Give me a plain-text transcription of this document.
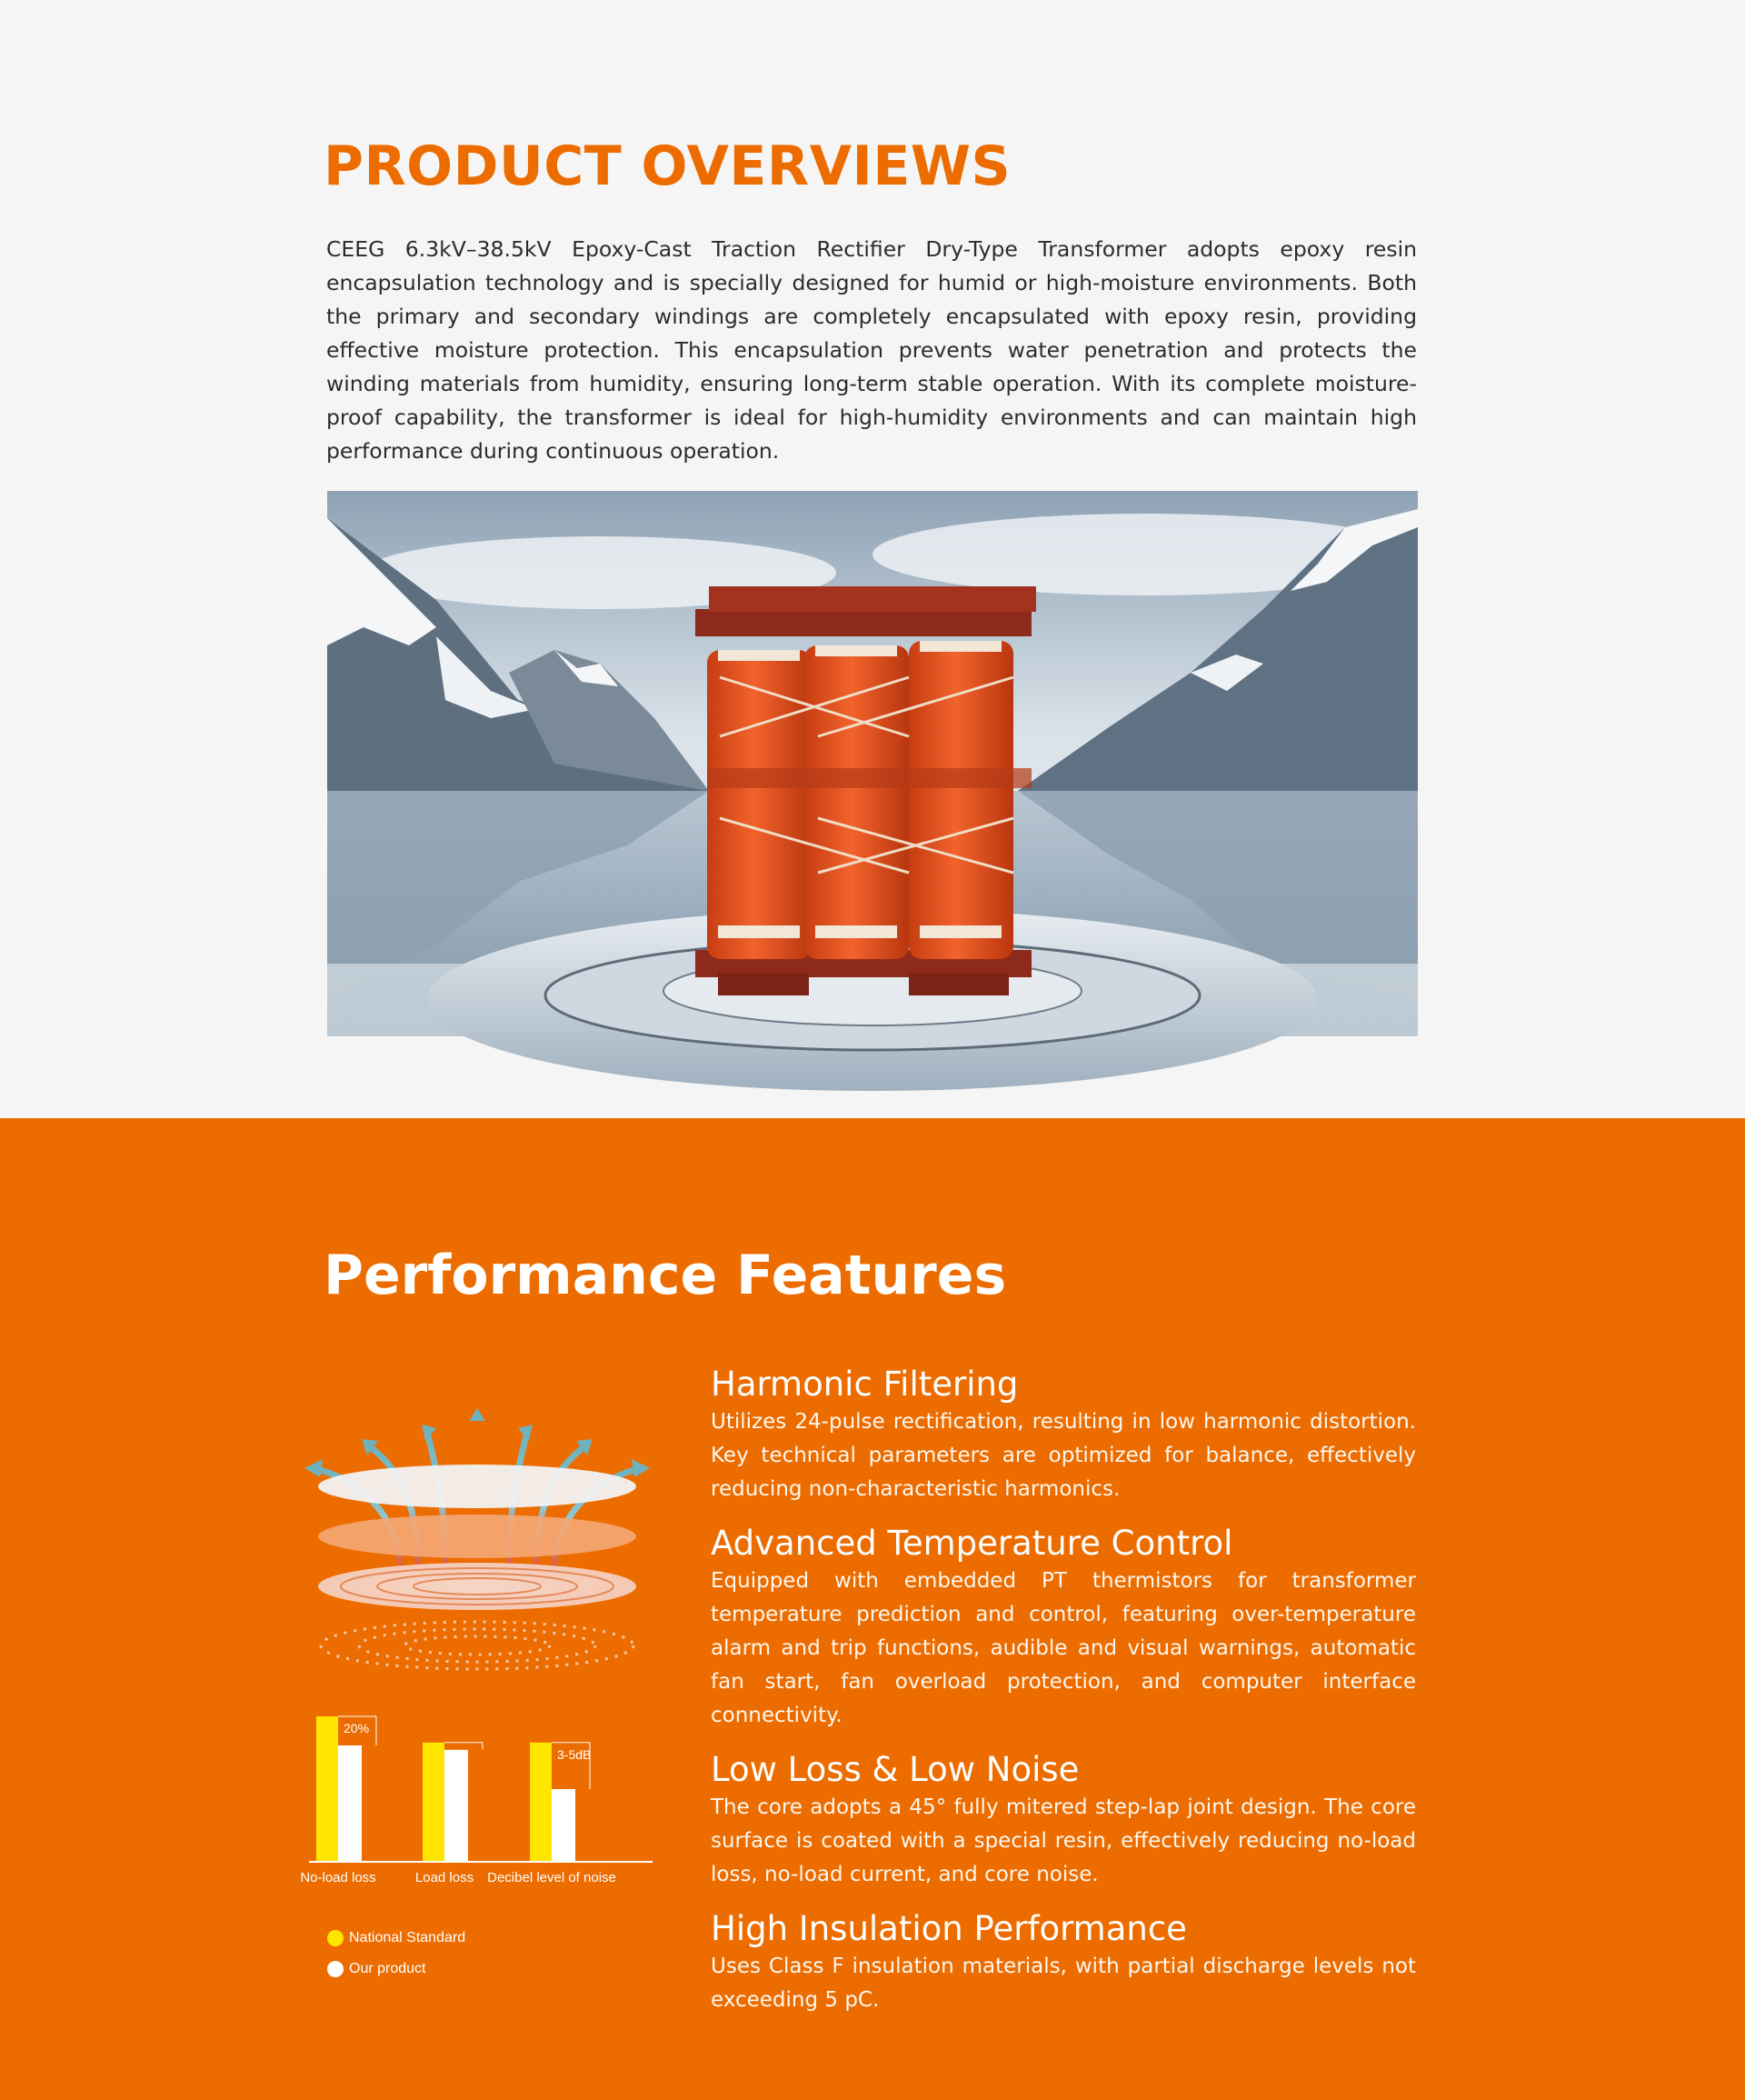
PRODUCT OVERVIEWS

CEEG 6.3kV–38.5kV Epoxy-Cast Traction Rectifier Dry-Type Transformer adopts epoxy resin encapsulation technology and is specially designed for humid or high-moisture environments. Both the primary and secondary windings are completely encapsulated with epoxy resin, providing effective moisture protection. This encapsulation prevents water penetration and protects the winding materials from humidity, ensuring long-term stable operation. With its complete moisture-proof capability, the transformer is ideal for high-humidity environments and can maintain high performance during continuous operation.

Performance Features
20%
No-load loss
5%
Load loss
3-5dB
Decibel level of noise
National Standard
Our product
Harmonic Filtering

Utilizes 24-pulse rectification, resulting in low harmonic distortion. Key technical parameters are optimized for balance, effectively reducing non-characteristic harmonics.

Advanced Temperature Control

Equipped with embedded PT thermistors for transformer temperature prediction and control, featuring over-temperature alarm and trip functions, audible and visual warnings, automatic fan start, fan overload protection, and computer interface connectivity.

Low Loss & Low Noise

The core adopts a 45° fully mitered step-lap joint design. The core surface is coated with a special resin, effectively reducing no-load loss, no-load current, and core noise.

High Insulation Performance

Uses Class F insulation materials, with partial discharge levels not exceeding 5 pC.
